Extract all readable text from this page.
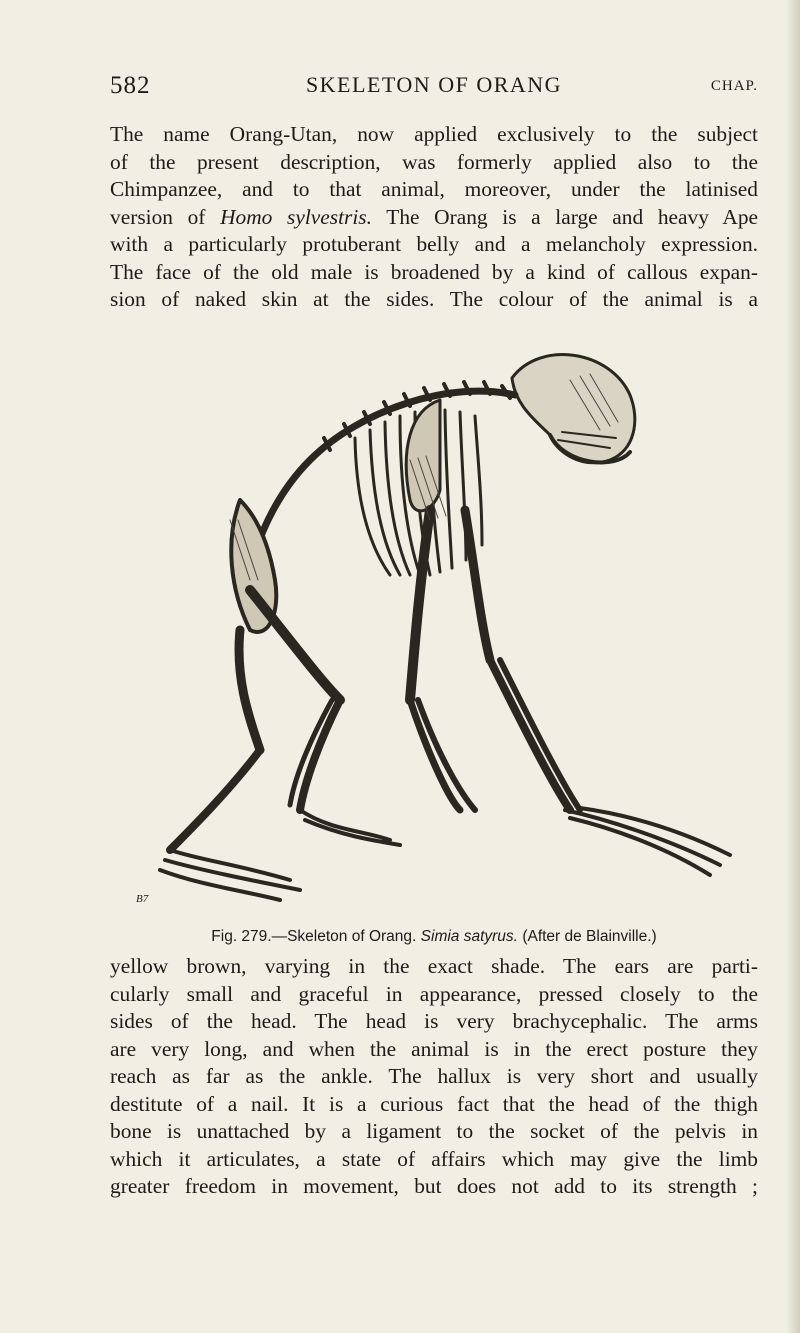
582	SKELETON OF ORANG	CHAP.
The name Orang-Utan, now applied exclusively to the subject
of the present description, was formerly applied also to the
Chimpanzee, and to that animal, moreover, under the latinised
version of Homo sylvestris. The Orang is a large and heavy Ape
with a particularly protuberant belly and a melancholy expression.
The face of the old male is broadened by a kind of callous expan-
sion of naked skin at the sides. The colour of the animal is a
B7
Fig. 279.—Skeleton of Orang. Simia satyrus. (After de Blainville.)
yellow brown, varying in the exact shade. The ears are parti-
cularly small and graceful in appearance, pressed closely to the
sides of the head. The head is very brachycephalic. The arms
are very long, and when the animal is in the erect posture they
reach as far as the ankle. The hallux is very short and usually
destitute of a nail. It is a curious fact that the head of the thigh
bone is unattached by a ligament to the socket of the pelvis in
which it articulates, a state of affairs which may give the limb
greater freedom in movement, but does not add to its strength ;
